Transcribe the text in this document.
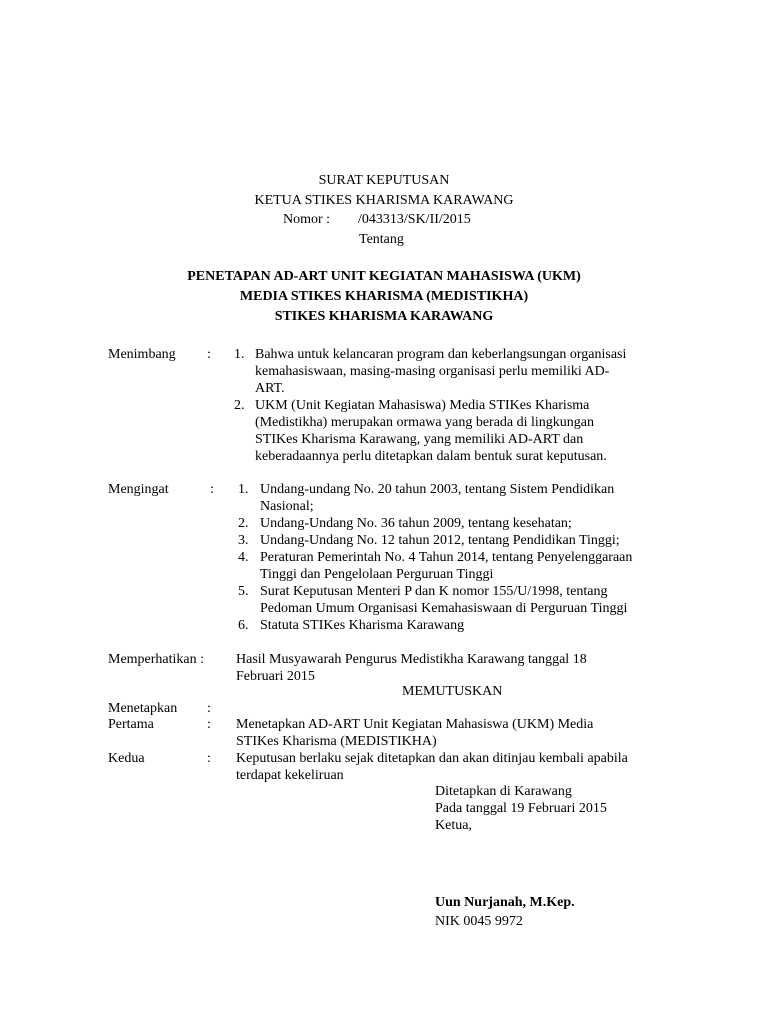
SURAT KEPUTUSAN
KETUA STIKES KHARISMA KARAWANG
Nomor : /043313/SK/II/2015
Tentang
PENETAPAN AD-ART UNIT KEGIATAN MAHASISWA (UKM)
MEDIA STIKES KHARISMA (MEDISTIKHA)
STIKES KHARISMA KARAWANG
Menimbang : 1. Bahwa untuk kelancaran program dan keberlangsungan organisasi
kemahasiswaan, masing-masing organisasi perlu memiliki AD-
ART.
2. UKM (Unit Kegiatan Mahasiswa) Media STIKes Kharisma
(Medistikha) merupakan ormawa yang berada di lingkungan
STIKes Kharisma Karawang, yang memiliki AD-ART dan
keberadaannya perlu ditetapkan dalam bentuk surat keputusan.
Mengingat	: 1. Undang-undang No. 20 tahun 2003, tentang Sistem Pendidikan
Nasional;
2. Undang-Undang No. 36 tahun 2009, tentang kesehatan;
3. Undang-Undang No. 12 tahun 2012, tentang Pendidikan Tinggi;
4. Peraturan Pemerintah No. 4 Tahun 2014, tentang Penyelenggaraan
Tinggi dan Pengelolaan Perguruan Tinggi
5. Surat Keputusan Menteri P dan K nomor 155/U/1998, tentang
Pedoman Umum Organisasi Kemahasiswaan di Perguruan Tinggi
6. Statuta STIKes Kharisma Karawang
Memperhatikan : Hasil Musyawarah Pengurus Medistikha Karawang tanggal 18
Februari 2015
MEMUTUSKAN
Menetapkan :
Pertama	: Menetapkan AD-ART Unit Kegiatan Mahasiswa (UKM) Media
STIKes Kharisma (MEDISTIKHA)
Kedua	: Keputusan berlaku sejak ditetapkan dan akan ditinjau kembali apabila
terdapat kekeliruan
Ditetapkan di Karawang
Pada tanggal 19 Februari 2015
Ketua,
Uun Nurjanah, M.Kep.
NIK 0045 9972
